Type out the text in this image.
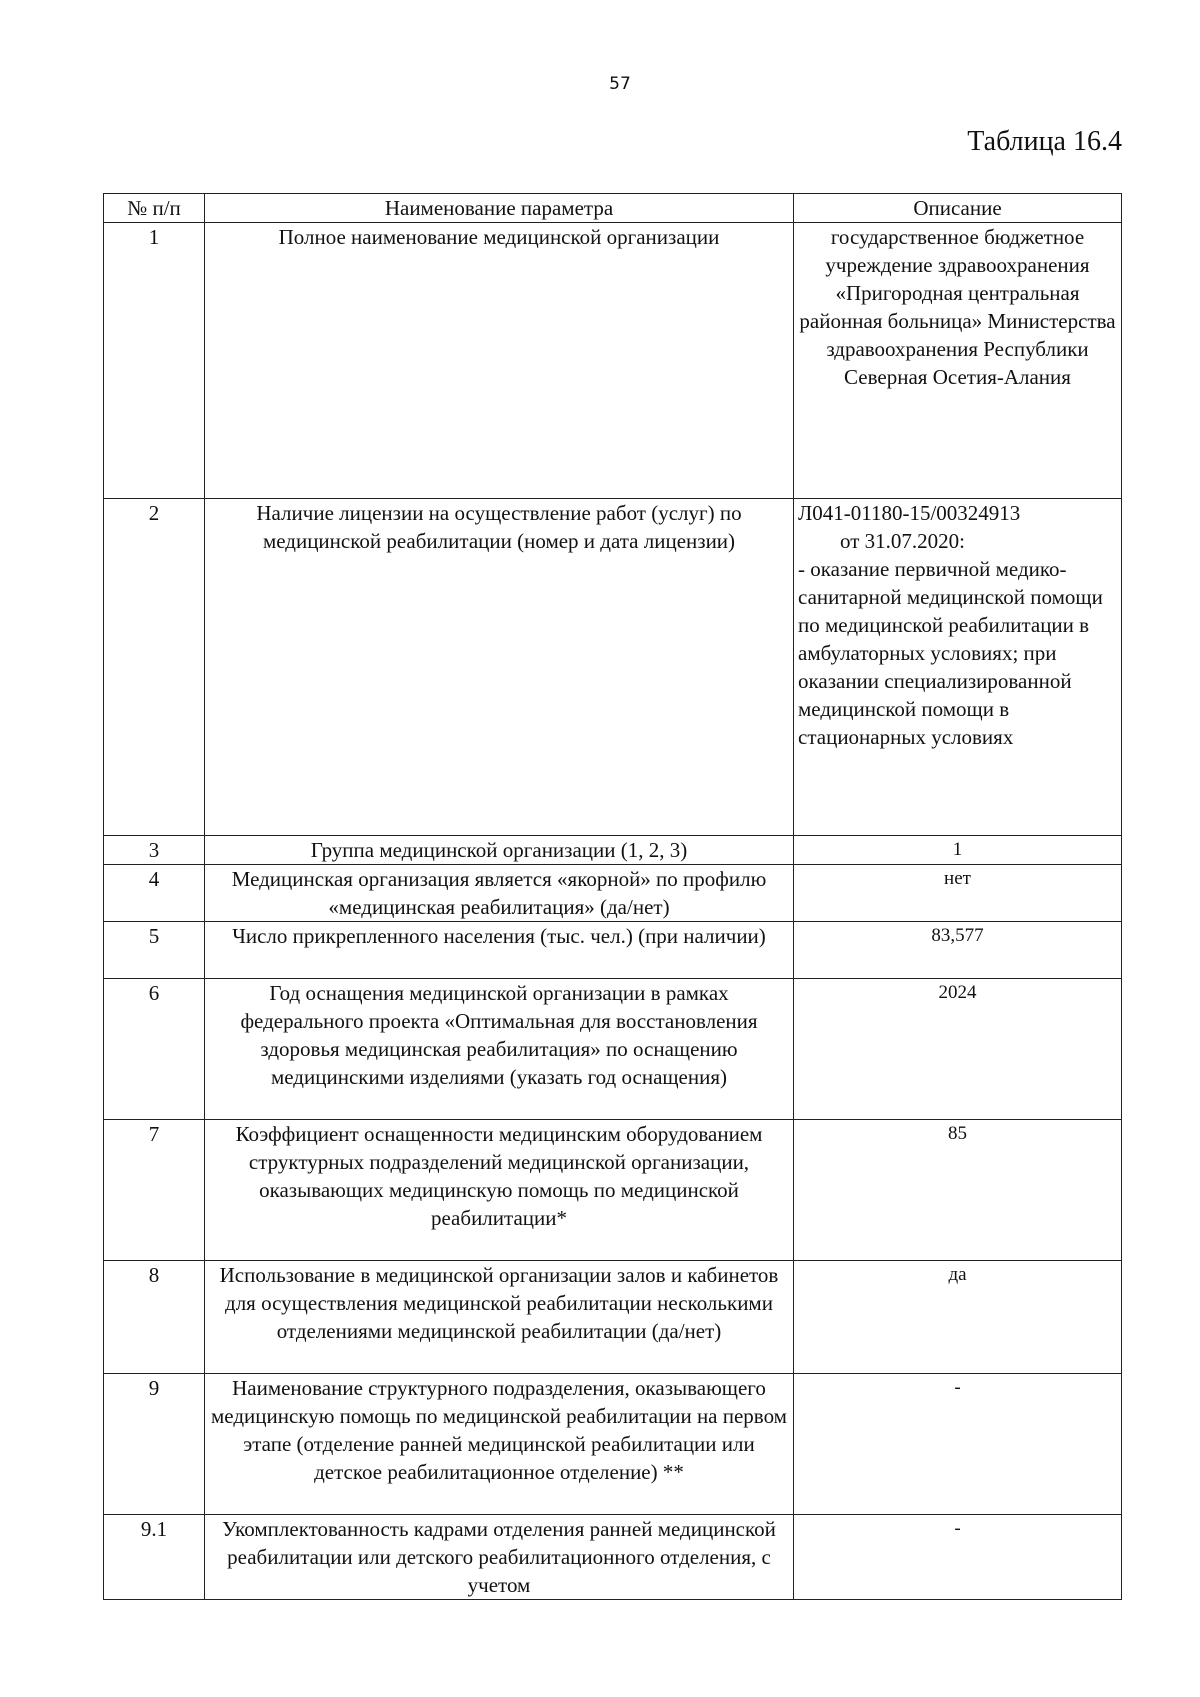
57
Таблица 16.4
№ п/п	Наименование параметра	Описание
1	Полное наименование медицинской организации	государственное бюджетное учреждение здравоохранения «Пригородная центральная районная больница» Министерства здравоохранения Республики Северная Осетия-Алания
2	Наличие лицензии на осуществление работ (услуг) по медицинской реабилитации (номер и дата лицензии)	Л041-01180-15/00324913
от 31.07.2020:
- оказание первичной медико-санитарной медицинской помощи по медицинской реабилитации в амбулаторных условиях; при оказании специализированной медицинской помощи в стационарных условиях

3	Группа медицинской организации (1, 2, 3)	1
4	Медицинская организация является «якорной» по профилю «медицинская реабилитация» (да/нет)	нет
5	Число прикрепленного населения (тыс. чел.) (при наличии)	83,577
6	Год оснащения медицинской организации в рамках федерального проекта «Оптимальная для восстановления здоровья медицинская реабилитация» по оснащению медицинскими изделиями (указать год оснащения)	2024
7	Коэффициент оснащенности медицинским оборудованием структурных подразделений медицинской организации, оказывающих медицинскую помощь по медицинской реабилитации*	85
8	Использование в медицинской организации залов и кабинетов для осуществления медицинской реабилитации несколькими отделениями медицинской реабилитации (да/нет)	да
9	Наименование структурного подразделения, оказывающего медицинскую помощь по медицинской реабилитации на первом этапе (отделение ранней медицинской реабилитации или детское реабилитационное отделение) **	-
9.1	Укомплектованность кадрами отделения ранней медицинской реабилитации или детского реабилитационного отделения, с учетом	-
